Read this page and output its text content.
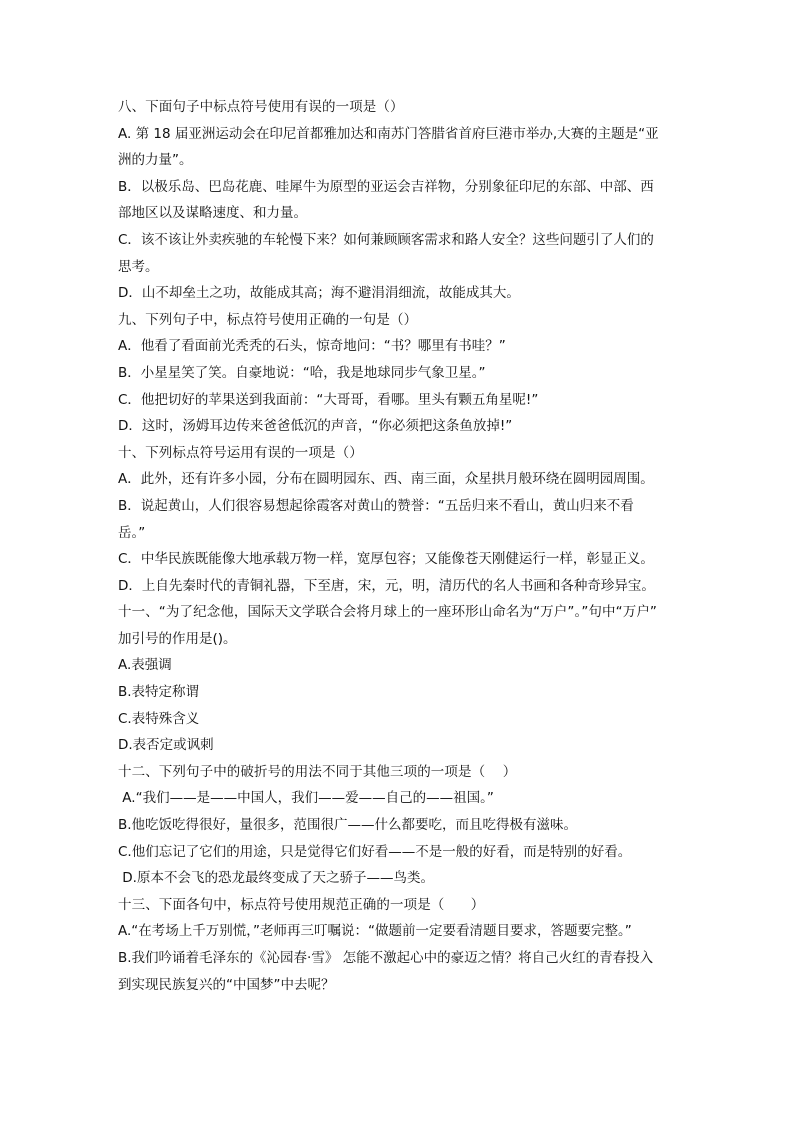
八、下面句子中标点符号使用有误的一项是（）
A. 第 18 届亚洲运动会在印尼首都雅加达和南苏门答腊省首府巨港市举办,大赛的主题是“亚
洲的力量”。
B．以极乐岛、巴岛花鹿、哇犀牛为原型的亚运会吉祥物，分别象征印尼的东部、中部、西
部地区以及谋略速度、和力量。
C．该不该让外卖疾驰的车轮慢下来？如何兼顾顾客需求和路人安全？这些问题引了人们的
思考。
D．山不却垒土之功，故能成其高；海不避涓涓细流，故能成其大。
九、下列句子中，标点符号使用正确的一句是（）
A．他看了看面前光秃秃的石头，惊奇地问：“书？哪里有书哇？”
B．小星星笑了笑。自豪地说：“哈，我是地球同步气象卫星。”
C．他把切好的苹果送到我面前：“大哥哥，看哪。里头有颗五角星呢!”
D．这时，汤姆耳边传来爸爸低沉的声音，“你必须把这条鱼放掉!”
十、下列标点符号运用有误的一项是（）
A．此外，还有许多小园，分布在圆明园东、西、南三面，众星拱月般环绕在圆明园周围。
B．说起黄山，人们很容易想起徐霞客对黄山的赞誉：“五岳归来不看山，黄山归来不看
岳。”
C．中华民族既能像大地承载万物一样，宽厚包容；又能像苍天刚健运行一样，彰显正义。
D．上自先秦时代的青铜礼器，下至唐，宋，元，明，清历代的名人书画和各种奇珍异宝。
十一、“为了纪念他，国际天文学联合会将月球上的一座环形山命名为“万户”。”句中“万户”
加引号的作用是()。
A.表强调
B.表特定称谓
C.表特殊含义
D.表否定或讽刺
十二、下列句子中的破折号的用法不同于其他三项的一项是（    ）
A.“我们——是——中国人，我们——爱——自己的——祖国。”
B.他吃饭吃得很好，量很多，范围很广——什么都要吃，而且吃得极有滋味。
C.他们忘记了它们的用途，只是觉得它们好看——不是一般的好看，而是特别的好看。
D.原本不会飞的恐龙最终变成了天之骄子——鸟类。
十三、下面各句中，标点符号使用规范正确的一项是（      ）
A.“在考场上千万别慌，”老师再三叮嘱说：“做题前一定要看清题目要求，答题要完整。”
B.我们吟诵着毛泽东的《沁园春·雪》 怎能不激起心中的豪迈之情？将自己火红的青春投入
到实现民族复兴的“中国梦”中去呢？
